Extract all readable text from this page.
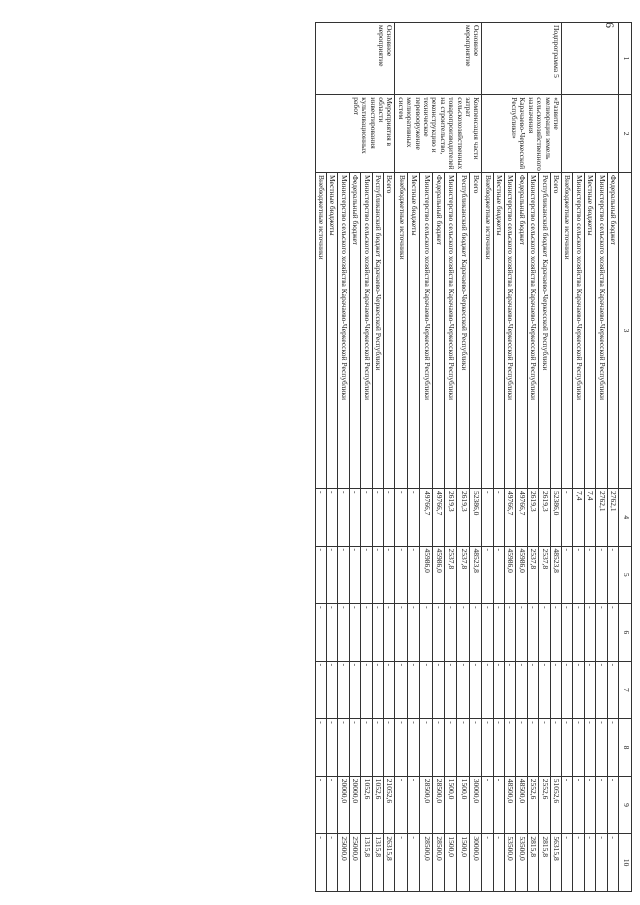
6
1	2	3	4	5	6	7	8	9	10
		Федеральный бюджет	2762,1	-	-	-	-	-	-
		Министерство сельского хозяйства Карачаево-Черкесской Республики	2762,1	-	-	-	-	-	-
		Местные бюджеты	7,4	-	-	-	-	-	-
		Министерство сельского хозяйства Карачаево-Черкесской Республики	7,4	-	-	-	-	-	-
		Внебюджетные источники	-	-	-	-	-	-	-
Подпрограмма 5	«Развитие мелиорации земель сельскохозяйственного назначения Карачаево-Черкесской Республики»	Всего	52386,0	48523,8	-	-	-	51052,6	56315,8
		Республиканский бюджет Карачаево-Черкесской Республики	2619,3	2537,8	-	-	-	2552,6	2815,8
		Министерство сельского хозяйства Карачаево-Черкесской Республики	2619,3	2537,8	-	-	-	2552,6	2815,8
		Федеральный бюджет	49766,7	45986,0	-	-	-	48500,0	53500,0
		Министерство сельского хозяйства Карачаево-Черкесской Республики	49766,7	45986,0	-	-	-	48500,0	53500,0
		Местные бюджеты	-	-	-	-	-	-	-
		Внебюджетные источники	-	-	-	-	-	-	-
Основное мероприятие	Компенсация части затрат сельскохозяйственных товаропроизводителей на строительство, реконструкцию и техническое перевооружение мелиоративных систем	Всего	52386,0	48523,8	-	-	-	30000,0	30000,0
		Республиканский бюджет Карачаево-Черкесской Республики	2619,3	2537,8	-	-	-	1500,0	1500,0
		Министерство сельского хозяйства Карачаево-Черкесской Республики	2619,3	2537,8	-	-	-	1500,0	1500,0
		Федеральный бюджет	49766,7	45986,0	-	-	-	28500,0	28500,0
		Министерство сельского хозяйства Карачаево-Черкесской Республики	49766,7	45986,0	-	-	-	28500,0	28500,0
		Местные бюджеты	-	-	-	-	-	-	-
		Внебюджетные источники	-	-	-	-	-	-	-
Основное мероприятие	Мероприятия в области инвестирования культивационных работ	Всего	-	-	-	-	-	21052,6	26315,8
		Республиканский бюджет Карачаево-Черкесской Республики	-	-	-	-	-	1052,6	1315,8
		Министерство сельского хозяйства Карачаево-Черкесской Республики	-	-	-	-	-	1052,6	1315,8
		Федеральный бюджет	-	-	-	-	-	20000,0	25000,0
		Министерство сельского хозяйства Карачаево-Черкесской Республики	-	-	-	-	-	20000,0	25000,0
		Местные бюджеты	-	-	-	-	-	-	-
		Внебюджетные источники	-	-	-	-	-	-	-
